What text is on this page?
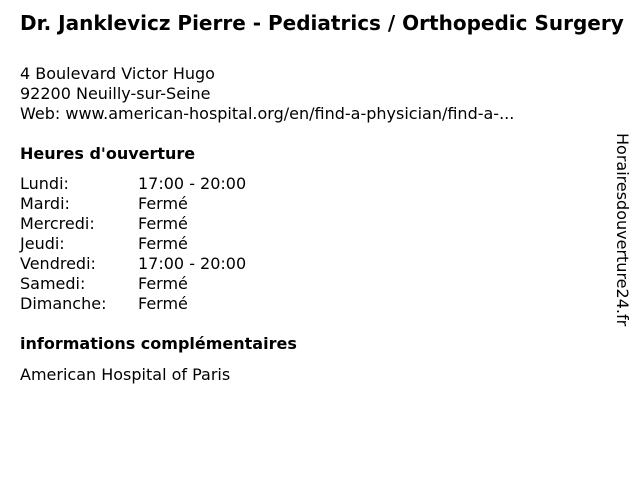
Dr. Janklevicz Pierre - Pediatrics / Orthopedic Surgery
4 Boulevard Victor Hugo
92200 Neuilly-sur-Seine
Web: www.american-hospital.org/en/find-a-physician/find-a-...
Heures d'ouverture
Lundi:	17:00 - 20:00
Mardi:	Fermé
Mercredi:	Fermé
Jeudi:	Fermé
Vendredi:	17:00 - 20:00
Samedi:	Fermé
Dimanche: Fermé
informations complémentaires
American Hospital of Paris
Horairesdouverture24.fr
